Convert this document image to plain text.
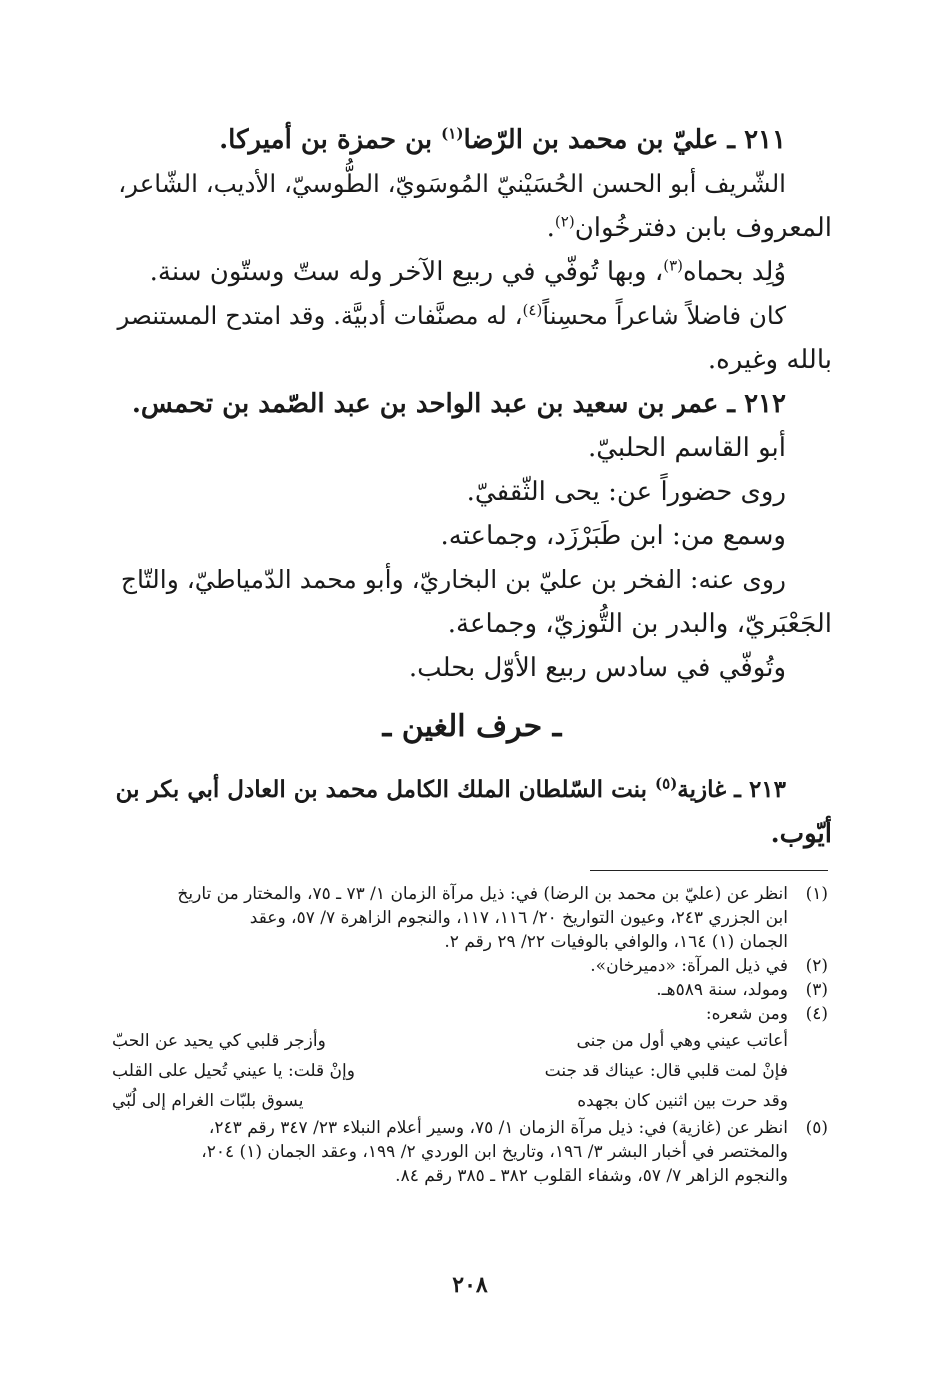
٢١١ ـ عليّ بن محمد بن الرّضا$^{(١)}$ بن حمزة بن أميركا.
الشّريف أبو الحسن الحُسَيْنيّ المُوسَويّ، الطُّوسيّ، الأديب، الشّاعر،
المعروف بابن دفترخُوان$^{(٢)}$.
وُلِد بحماه$^{(٣)}$، وبها تُوفّي في ربيع الآخر وله ستّ وستّون سنة.
كان فاضلاً شاعراً محسِناً$^{(٤)}$، له مصنَّفات أدبيَّة. وقد امتدح المستنصر
بالله وغيره.
٢١٢ ـ عمر بن سعيد بن عبد الواحد بن عبد الصّمد بن تحمس.
أبو القاسم الحلبيّ.
روى حضوراً عن: يحى الثّقفيّ.
وسمع من: ابن طَبَرْزَد، وجماعته.
روى عنه: الفخر بن عليّ بن البخاريّ، وأبو محمد الدّمياطيّ، والتّاج
الجَعْبَريّ، والبدر بن التُّوزيّ، وجماعة.
وتُوفّي في سادس ربيع الأوّل بحلب.
ـ حرف الغين ـ
٢١٣ ـ غازية$^{(٥)}$ بنت السّلطان الملك الكامل محمد بن العادل أبي بكر بن
أيّوب.
(١)
انظر عن (عليّ بن محمد بن الرضا) في: ذيل مرآة الزمان ١/ ٧٣ ـ ٧٥، والمختار من تاريخ
ابن الجزري ٢٤٣، وعيون التواريخ ٢٠/ ١١٦، ١١٧، والنجوم الزاهرة ٧/ ٥٧، وعقد
الجمان (١) ١٦٤، والوافي بالوفيات ٢٢/ ٢٩ رقم ٢.
(٢)
في ذيل المرآة: «دميرخان».
(٣)
ومولد، سنة ٥٨٩هـ.
(٤)
ومن شعره:
أعاتب عيني وهي أول من جنى
وأزجر قلبي كي يحيد عن الحبّ
فإنْ لمت قلبي قال: عيناك قد جنت
وإنْ قلت: يا عيني تُحيل على القلب
وقد حرت بين اثنين كان بجهده
يسوق بلبّات الغرام إلى لُبّي
(٥)
انظر عن (غازية) في: ذيل مرآة الزمان ١/ ٧٥، وسير أعلام النبلاء ٢٣/ ٣٤٧ رقم ٢٤٣،
والمختصر في أخبار البشر ٣/ ١٩٦، وتاريخ ابن الوردي ٢/ ١٩٩، وعقد الجمان (١) ٢٠٤،
والنجوم الزاهر ٧/ ٥٧، وشفاء القلوب ٣٨٢ ـ ٣٨٥ رقم ٨٤.
٢٠٨
